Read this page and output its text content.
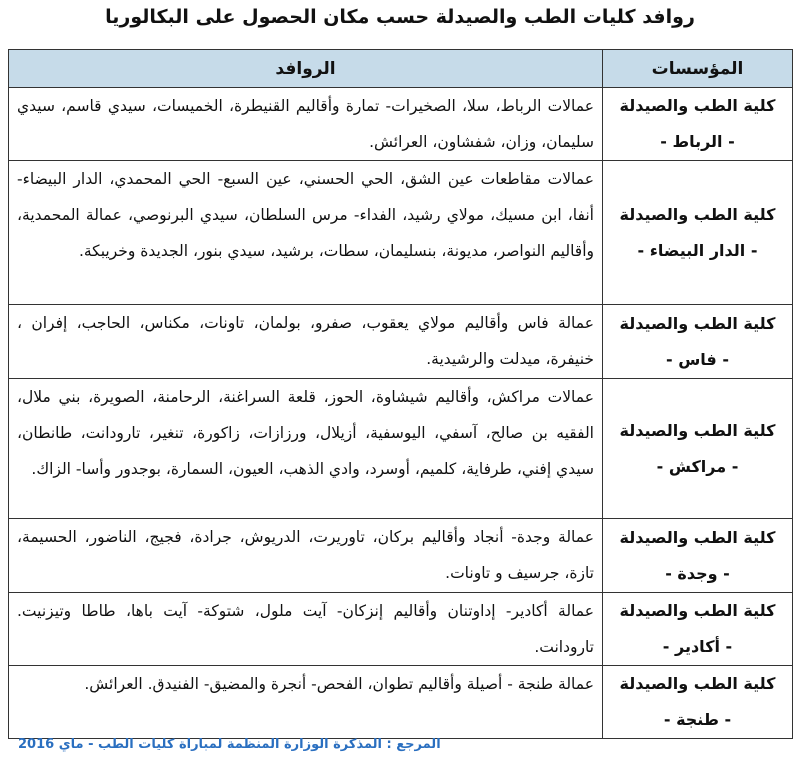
روافد كليات الطب والصيدلة حسب مكان الحصول على البكالوريا
المؤسسات	الروافد

كلية الطب والصيدلة
- الرباط -	عمالات الرباط، سلا، الصخيرات- تمارة وأقاليم القنيطرة، الخميسات، سيدي قاسم، سيدي سليمان، وزان، شفشاون، العرائش.

كلية الطب والصيدلة
- الدار البيضاء -	عمالات مقاطعات عين الشق، الحي الحسني، عين السبع- الحي المحمدي، الدار البيضاء- أنفا، ابن مسيك، مولاي رشيد، الفداء- مرس السلطان، سيدي البرنوصي، عمالة المحمدية، وأقاليم النواصر، مديونة، بنسليمان، سطات، برشيد، سيدي بنور، الجديدة وخريبكة.

كلية الطب والصيدلة
- فاس -	عمالة فاس وأقاليم مولاي يعقوب، صفرو، بولمان، تاونات، مكناس، الحاجب، إفران ، خنيفرة، ميدلت والرشيدية.

كلية الطب والصيدلة
- مراكش -	عمالات مراكش، وأقاليم شيشاوة، الحوز، قلعة السراغنة، الرحامنة، الصويرة، بني ملال، الفقيه بن صالح، آسفي، اليوسفية، أزيلال، ورزازات، زاكورة، تنغير، تارودانت، طانطان، سيدي إفني، طرفاية، كلميم، أوسرد، وادي الذهب، العيون، السمارة، بوجدور وأسا- الزاك.

كلية الطب والصيدلة
- وجدة -	عمالة وجدة- أنجاد وأقاليم بركان، تاوريرت، الدريوش، جرادة، فجيج، الناضور، الحسيمة، تازة، جرسيف و تاونات.

كلية الطب والصيدلة
- أكادير -	عمالة أكادير- إداوتنان وأقاليم إنزكان- آيت ملول، شتوكة- آيت باها، طاطا وتيزنيت. تارودانت.

كلية الطب والصيدلة
- طنجة -	عمالة طنجة - أصيلة وأقاليم تطوان، الفحص- أنجرة والمضيق- الفنيدق. العرائش.
المرجع : المذكرة الوزارة المنظمة لمباراة كليات الطب - ماي 2016
